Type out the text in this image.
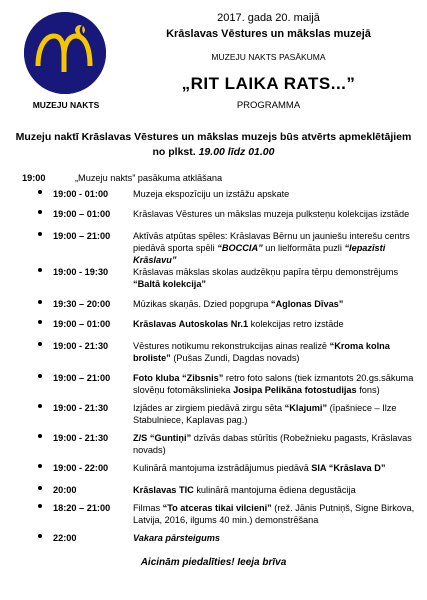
MUZEJU NAKTS
2017. gada 20. maijā
Krāslavas Vēstures un mākslas muzejā
MUZEJU NAKTS PASĀKUMA
„RIT LAIKA RATS...”
PROGRAMMA
Muzeju naktī Krāslavas Vēstures un mākslas muzejs būs atvērts apmeklētājiem
no plkst. 19.00 līdz 01.00
19:00	„Muzeju nakts” pasākuma atklāšana
19:00 - 01:00	Muzeja ekspozīciju un izstāžu apskate
19:00 – 01:00 Krāslavas Vēstures un mākslas muzeja pulksteņu kolekcijas izstāde
19:00 – 21:00 Aktīvās atpūtas spēles: Krāslavas Bērnu un jauniešu interešu centrs piedāvā sporta spēli “BOCCIA” un lielformāta puzli “Iepazīsti Krāslavu”
19:00 - 19:30	Krāslavas mākslas skolas audzēkņu papīra tērpu demonstrējums “Baltā kolekcija”
19:30 – 20:00 Mūzikas skaņās. Dzied popgrupa “Aglonas Dīvas”
19:00 – 01:00 Krāslavas Autoskolas Nr.1 kolekcijas retro izstāde
19:00 - 21:30	Vēstures notikumu rekonstrukcijas ainas realizē “Kroma kolna broliste” (Pušas Zundi, Dagdas novads)
19:00 – 21:00 Foto kluba “Zibsnis” retro foto salons (tiek izmantots 20.gs.sākuma slovēņu fotomākslinieka Josipa Pelikāna fotostudijas fons)
19:00 - 21:30	Izjādes ar zirgiem piedāvā zirgu sēta “Klajumi” (īpašniece – Ilze Stabulniece, Kaplavas pag.)
19:00 - 21:30	Z/S “Guntiņi” dzīvās dabas stūrītis (Robežnieku pagasts, Krāslavas novads)
19:00 - 22:00	Kulinārā mantojuma izstrādājumus piedāvā SIA “Krāslava D”
20:00	Krāslavas TIC kulinārā mantojuma ēdiena degustācija
18:20 – 21:00 Filmas “To atceras tikai vilcieni” (rež. Jānis Putniņš, Signe Birkova, Latvija, 2016, ilgums 40 min.) demonstrēšana
22:00	Vakara pārsteigums
Aicinām piedalīties! Ieeja brīva
